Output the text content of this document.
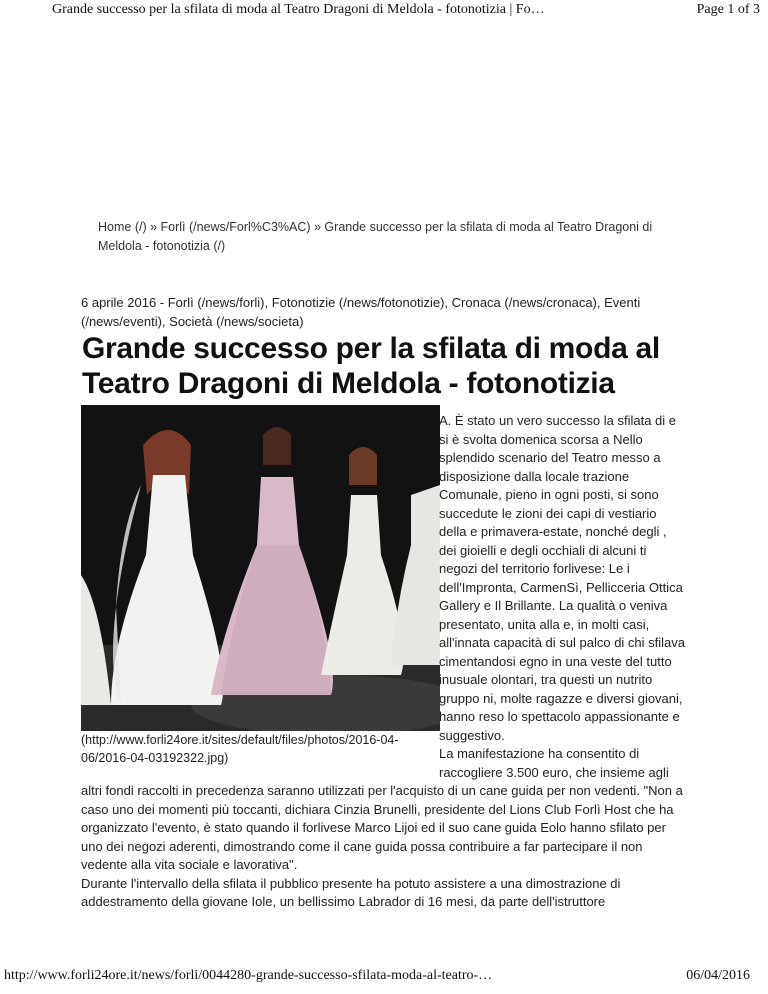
Grande successo per la sfilata di moda al Teatro Dragoni di Meldola - fotonotizia | Fo…	Page 1 of 3
Home (/) » Forlì (/news/Forl%C3%AC) » Grande successo per la sfilata di moda al Teatro Dragoni di Meldola - fotonotizia (/)
6 aprile 2016 - Forlì (/news/forli), Fotonotizie (/news/fotonotizie), Cronaca (/news/cronaca), Eventi (/news/eventi), Società (/news/societa)
Grande successo per la sfilata di moda al Teatro Dragoni di Meldola - fotonotizia
(http://www.forli24ore.it/sites/default/files/photos/2016-04-06/2016-04-03192322.jpg)

A. È stato un vero successo la sfilata di e si è svolta domenica scorsa a Nello splendido scenario del Teatro messo a disposizione dalla locale trazione Comunale, pieno in ogni posti, si sono succedute le zioni dei capi di vestiario della e primavera-estate, nonché degli , dei gioielli e degli occhiali di alcuni ti negozi del territorio forlivese: Le i dell'Impronta, CarmenSì, Pellicceria Ottica Gallery e Il Brillante. La qualità o veniva presentato, unita alla e, in molti casi, all'innata capacità di sul palco di chi sfilava cimentandosi egno in una veste del tutto inusuale olontari, tra questi un nutrito gruppo ni, molte ragazze e diversi giovani, hanno reso lo spettacolo appassionante e suggestivo.

La manifestazione ha consentito di raccogliere 3.500 euro, che insieme agli altri fondi raccolti in precedenza saranno utilizzati per l'acquisto di un cane guida per non vedenti. "Non a caso uno dei momenti più toccanti, dichiara Cinzia Brunelli, presidente del Lions Club Forlì Host che ha organizzato l'evento, è stato quando il forlivese Marco Lijoi ed il suo cane guida Eolo hanno sfilato per uno dei negozi aderenti, dimostrando come il cane guida possa contribuire a far partecipare il non vedente alla vita sociale e lavorativa".

Durante l'intervallo della sfilata il pubblico presente ha potuto assistere a una dimostrazione di addestramento della giovane Iole, un bellissimo Labrador di 16 mesi, da parte dell'istruttore

http://www.forli24ore.it/news/forli/0044280-grande-successo-sfilata-moda-al-teatro-…	06/04/2016
